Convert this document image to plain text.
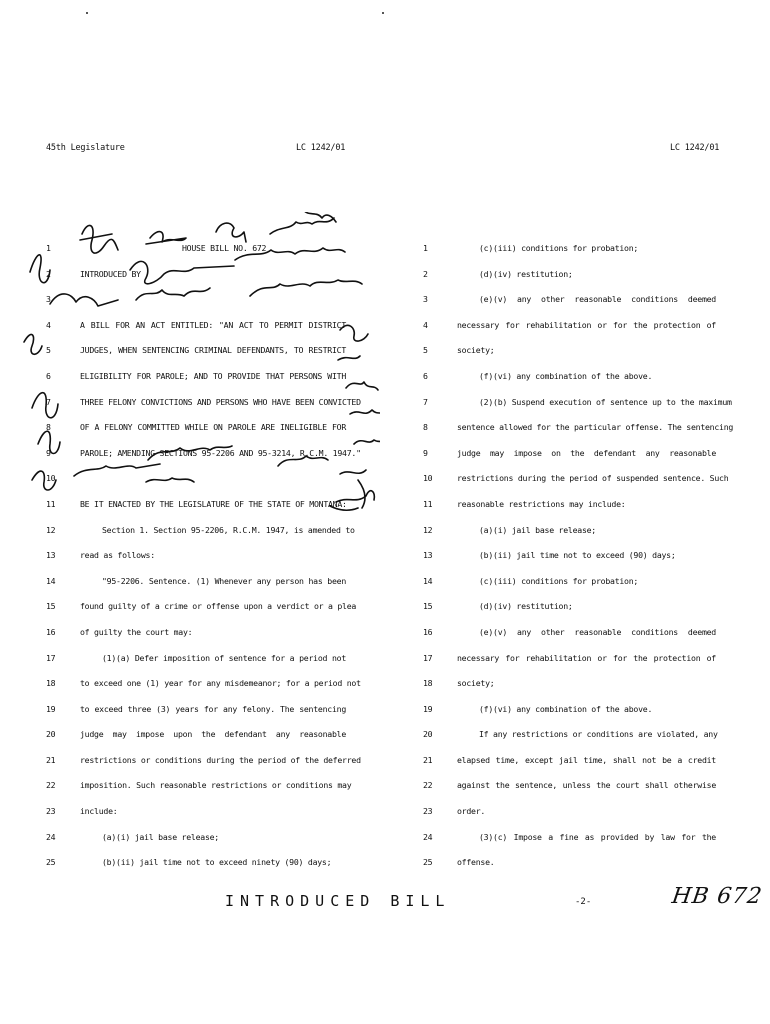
45th Legislature	LC 1242/01	LC 1242/01
1	HOUSE BILL NO. 672
2	INTRODUCED BY
3
4	A BILL FOR AN ACT ENTITLED: "AN ACT TO PERMIT DISTRICT
5	JUDGES, WHEN SENTENCING CRIMINAL DEFENDANTS, TO RESTRICT
6	ELIGIBILITY FOR PAROLE; AND TO PROVIDE THAT PERSONS WITH
7	THREE FELONY CONVICTIONS AND PERSONS WHO HAVE BEEN CONVICTED
8	OF A FELONY COMMITTED WHILE ON PAROLE ARE INELIGIBLE FOR
9	PAROLE; AMENDING SECTIONS 95-2206 AND 95-3214, R.C.M. 1947."
10
11	BE IT ENACTED BY THE LEGISLATURE OF THE STATE OF MONTANA:
12	Section 1. Section 95-2206, R.C.M. 1947, is amended to
13	read as follows:
14	"95-2206. Sentence. (1) Whenever any person has been
15	found guilty of a crime or offense upon a verdict or a plea
16	of guilty the court may:
17	(1)(a) Defer imposition of sentence for a period not
18	to exceed one (1) year for any misdemeanor; for a period not
19	to exceed three (3) years for any felony. The sentencing
20	judge may impose upon the defendant any reasonable
21	restrictions or conditions during the period of the deferred
22	imposition. Such reasonable restrictions or conditions may
23	include:
24	(a)(i) jail base release;
25	(b)(ii) jail time not to exceed ninety (90) days;
1	(c)(iii) conditions for probation;
2	(d)(iv) restitution;
3	(e)(v) any other reasonable conditions deemed
4	necessary for rehabilitation or for the protection of
5	society;
6	(f)(vi) any combination of the above.
7	(2)(b) Suspend execution of sentence up to the maximum
8	sentence allowed for the particular offense. The sentencing
9	judge may impose on the defendant any reasonable
10	restrictions during the period of suspended sentence. Such
11	reasonable restrictions may include:
12	(a)(i) jail base release;
13	(b)(ii) jail time not to exceed (90) days;
14	(c)(iii) conditions for probation;
15	(d)(iv) restitution;
16	(e)(v) any other reasonable conditions deemed
17	necessary for rehabilitation or for the protection of
18	society;
19	(f)(vi) any combination of the above.
20	If any restrictions or conditions are violated, any
21	elapsed time, except jail time, shall not be a credit
22	against the sentence, unless the court shall otherwise
23	order.
24	(3)(c) Impose a fine as provided by law for the
25	offense.
INTRODUCED BILL	-2-	HB 672
